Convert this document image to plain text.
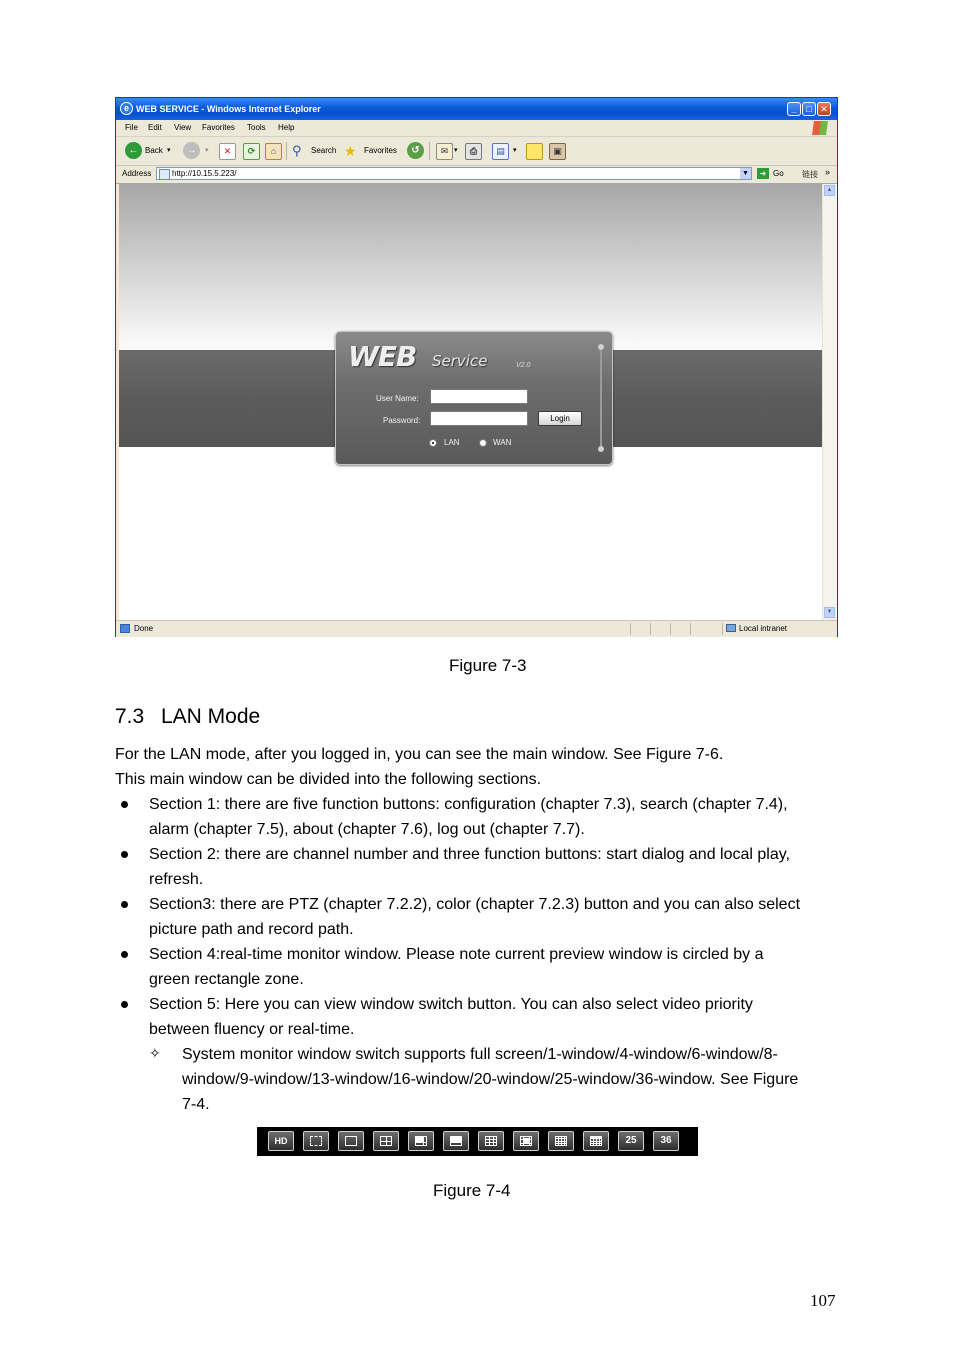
e WEB SERVICE - Windows Internet Explorer	_	□ ✕
File Edit View Favorites Tools Help
← Back ▾	→	▾	✕	⟳	⌂	⚲ Search ★ Favorites	↺	✉ ▾	⎙	▤	▾	▣
Address	http://10.15.5.223/	▼	➜ Go 链接 »
WEB Service	V2.0
User Name:
Password:	Login
LAN	WAN
▲
▼
Done	Local intranet
Figure 7-3
7.3 LAN Mode
For the LAN mode, after you logged in, you can see the main window. See Figure 7-6.
This main window can be divided into the following sections.
Section 1: there are five function buttons: configuration (chapter 7.3), search (chapter 7.4),
alarm (chapter 7.5), about (chapter 7.6), log out (chapter 7.7).
Section 2: there are channel number and three function buttons: start dialog and local play,
refresh.
Section3: there are PTZ (chapter 7.2.2), color (chapter 7.2.3) button and you can also select
picture path and record path.
Section 4:real-time monitor window. Please note current preview window is circled by a
green rectangle zone.
Section 5: Here you can view window switch button. You can also select video priority
between fluency or real-time.
✧ System monitor window switch supports full screen/1-window/4-window/6-window/8-
window/9-window/13-window/16-window/20-window/25-window/36-window. See Figure
7-4.
HD	25	36
Figure 7-4
107
